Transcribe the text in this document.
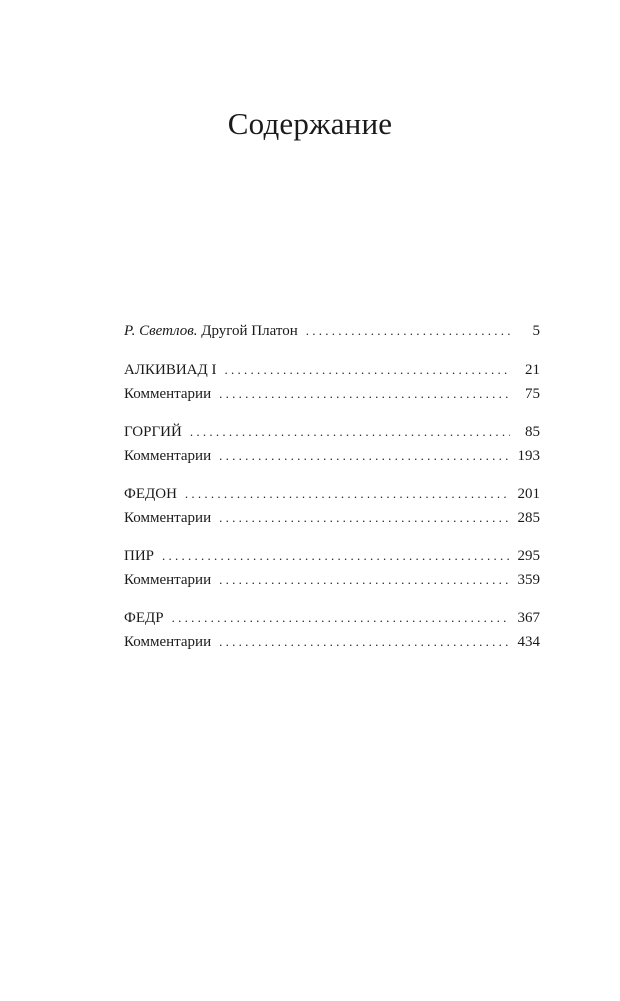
Содержание
Р. Светлов. Другой Платон . . .	5
АЛКИВИАД I . . .	21
Комментарии . . .	75
ГОРГИЙ . . .	85
Комментарии . . .	193
ФЕДОН . . .	201
Комментарии . . .	285
ПИР . . .	295
Комментарии . . .	359
ФЕДР . . .	367
Комментарии . . .	434
